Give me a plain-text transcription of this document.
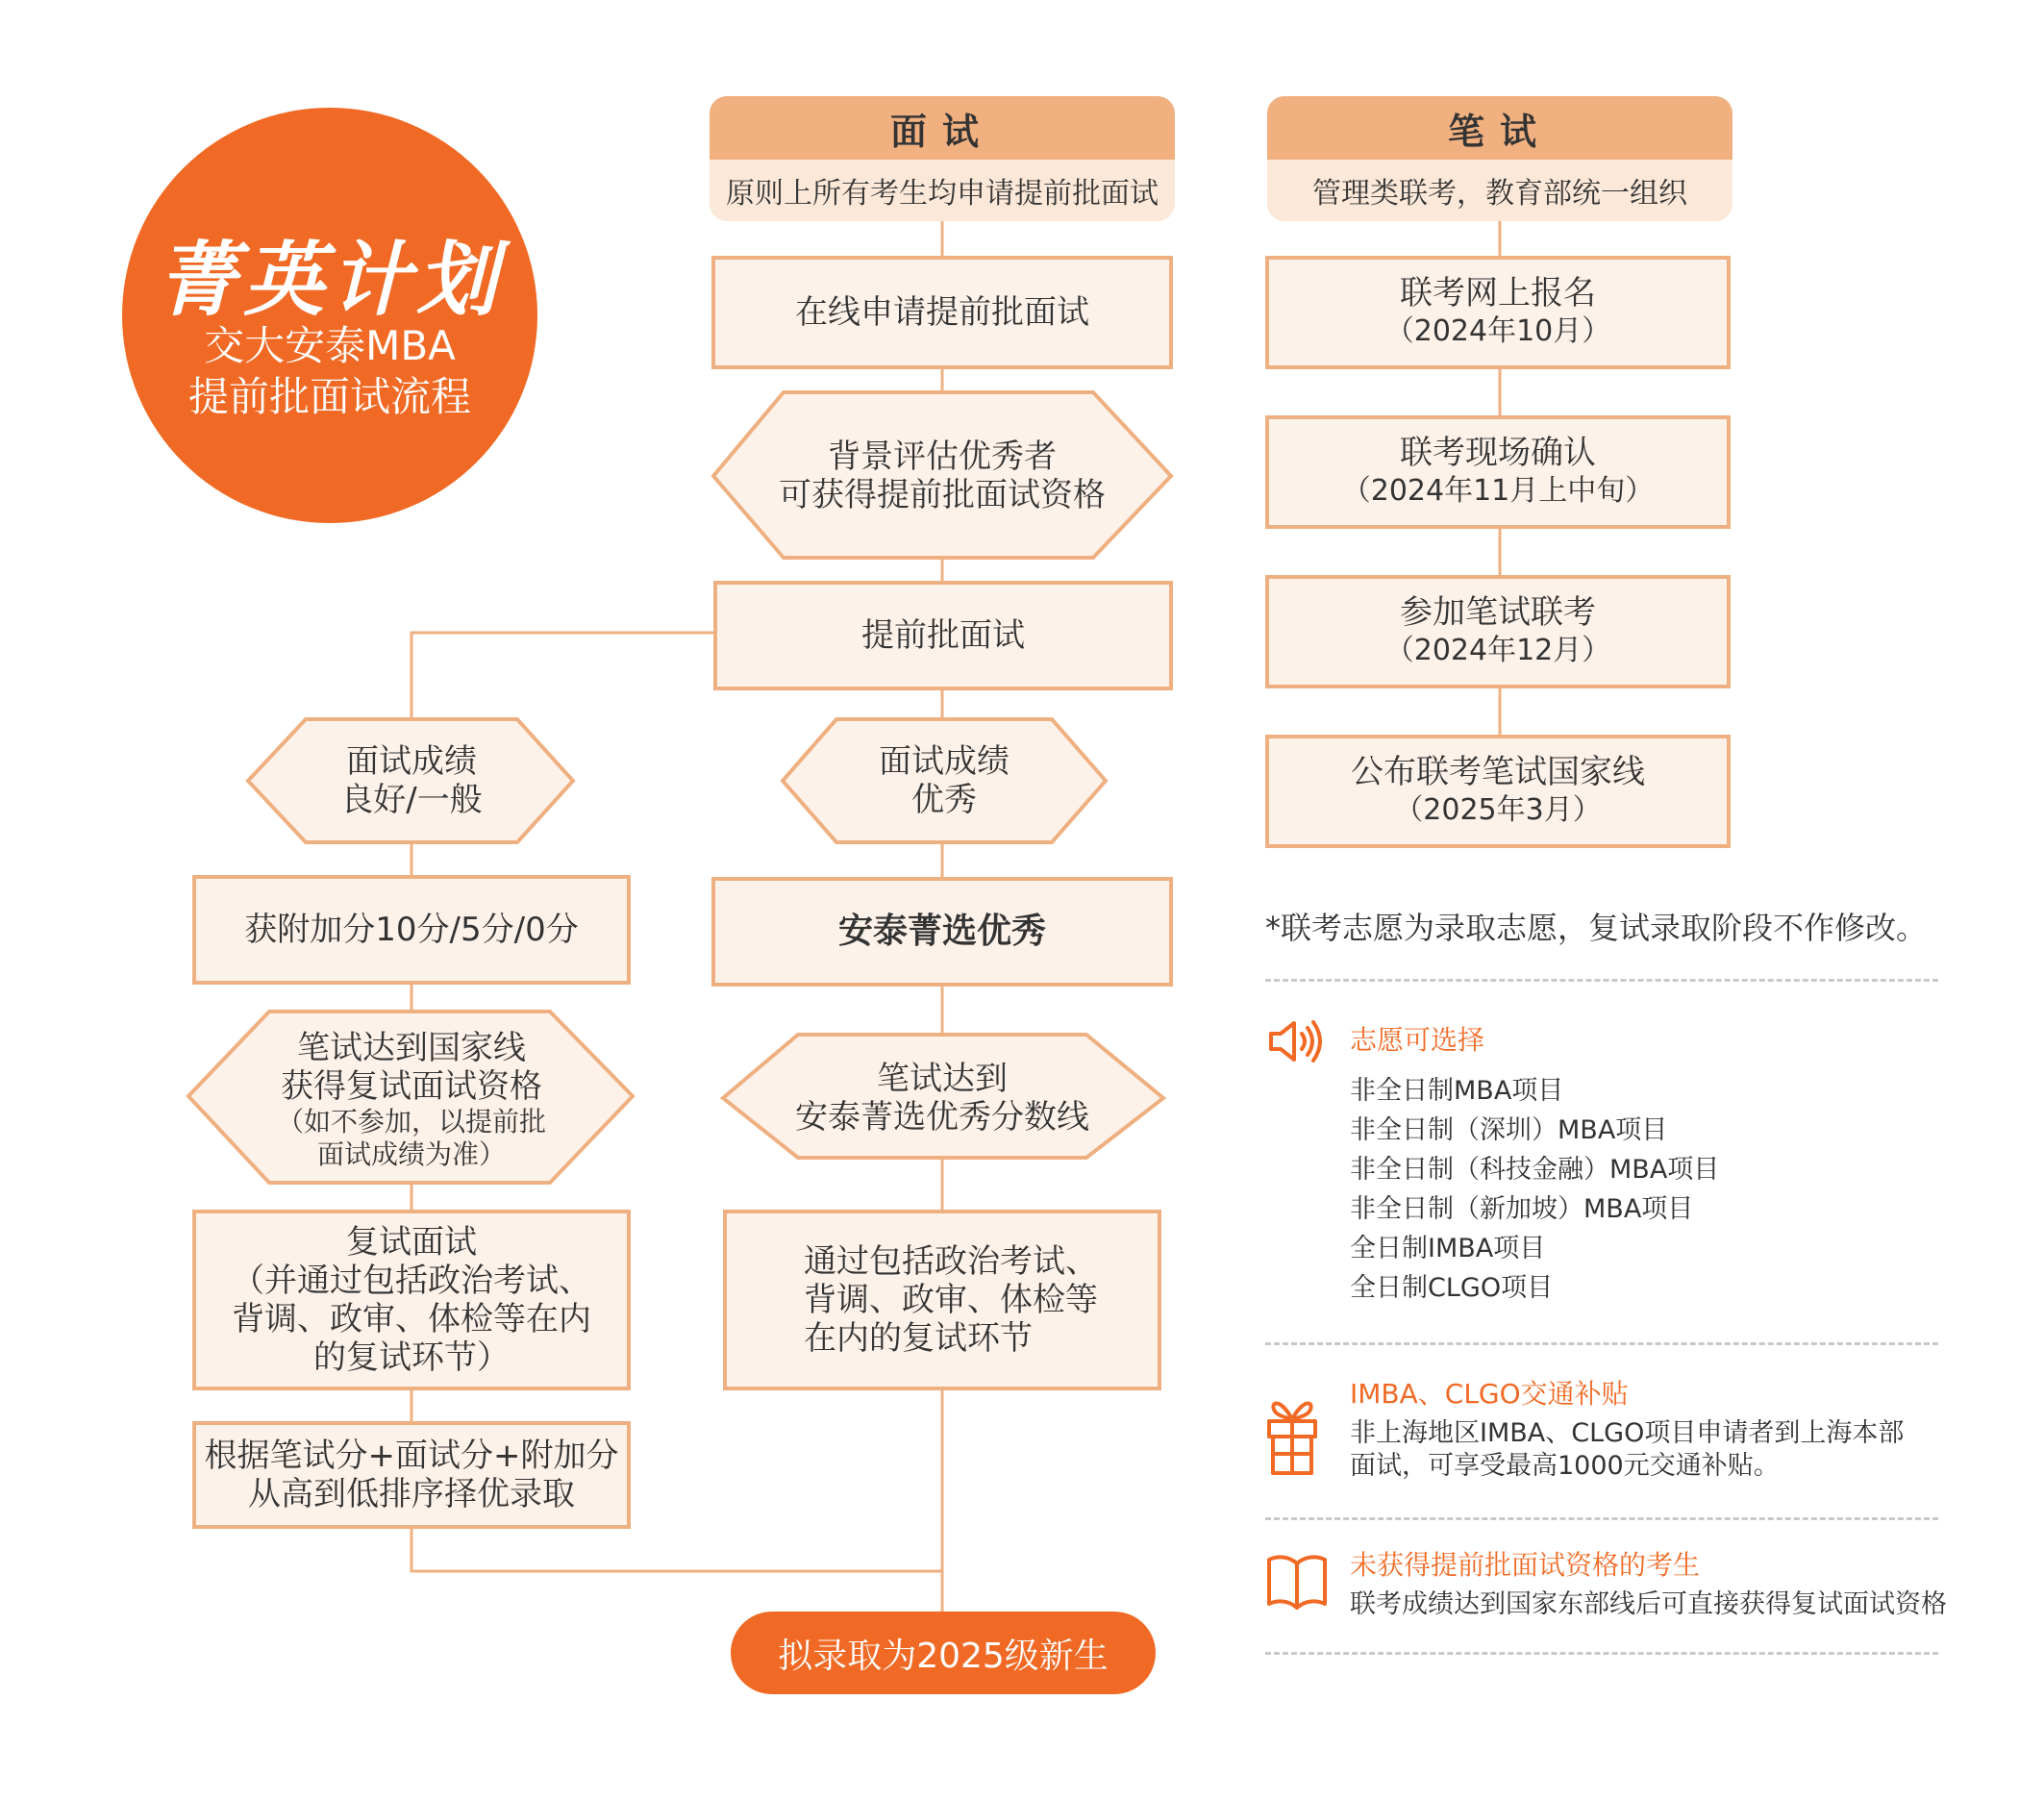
菁英计划
交大安泰MBA
提前批面试流程
面试
原则上所有考生均申请提前批面试
笔试
管理类联考，教育部统一组织
在线申请提前批面试
背景评估优秀者
可获得提前批面试资格
提前批面试
面试成绩
优秀
安泰菁选优秀
笔试达到
安泰菁选优秀分数线
通过包括政治考试、
背调、政审、体检等
在内的复试环节
拟录取为2025级新生
面试成绩
良好/一般
获附加分10分/5分/0分
笔试达到国家线
获得复试面试资格
（如不参加，以提前批
面试成绩为准）
复试面试
（并通过包括政治考试、
背调、政审、体检等在内
的复试环节）
根据笔试分+面试分+附加分
从高到低排序择优录取
联考网上报名
（2024年10月）
联考现场确认
（2024年11月上中旬）
参加笔试联考
（2024年12月）
公布联考笔试国家线
（2025年3月）
*联考志愿为录取志愿，复试录取阶段不作修改。
志愿可选择
非全日制MBA项目
非全日制（深圳）MBA项目
非全日制（科技金融）MBA项目
非全日制（新加坡）MBA项目
全日制IMBA项目
全日制CLGO项目
IMBA、CLGO交通补贴
非上海地区IMBA、CLGO项目申请者到上海本部
面试，可享受最高1000元交通补贴。
未获得提前批面试资格的考生
联考成绩达到国家东部线后可直接获得复试面试资格
